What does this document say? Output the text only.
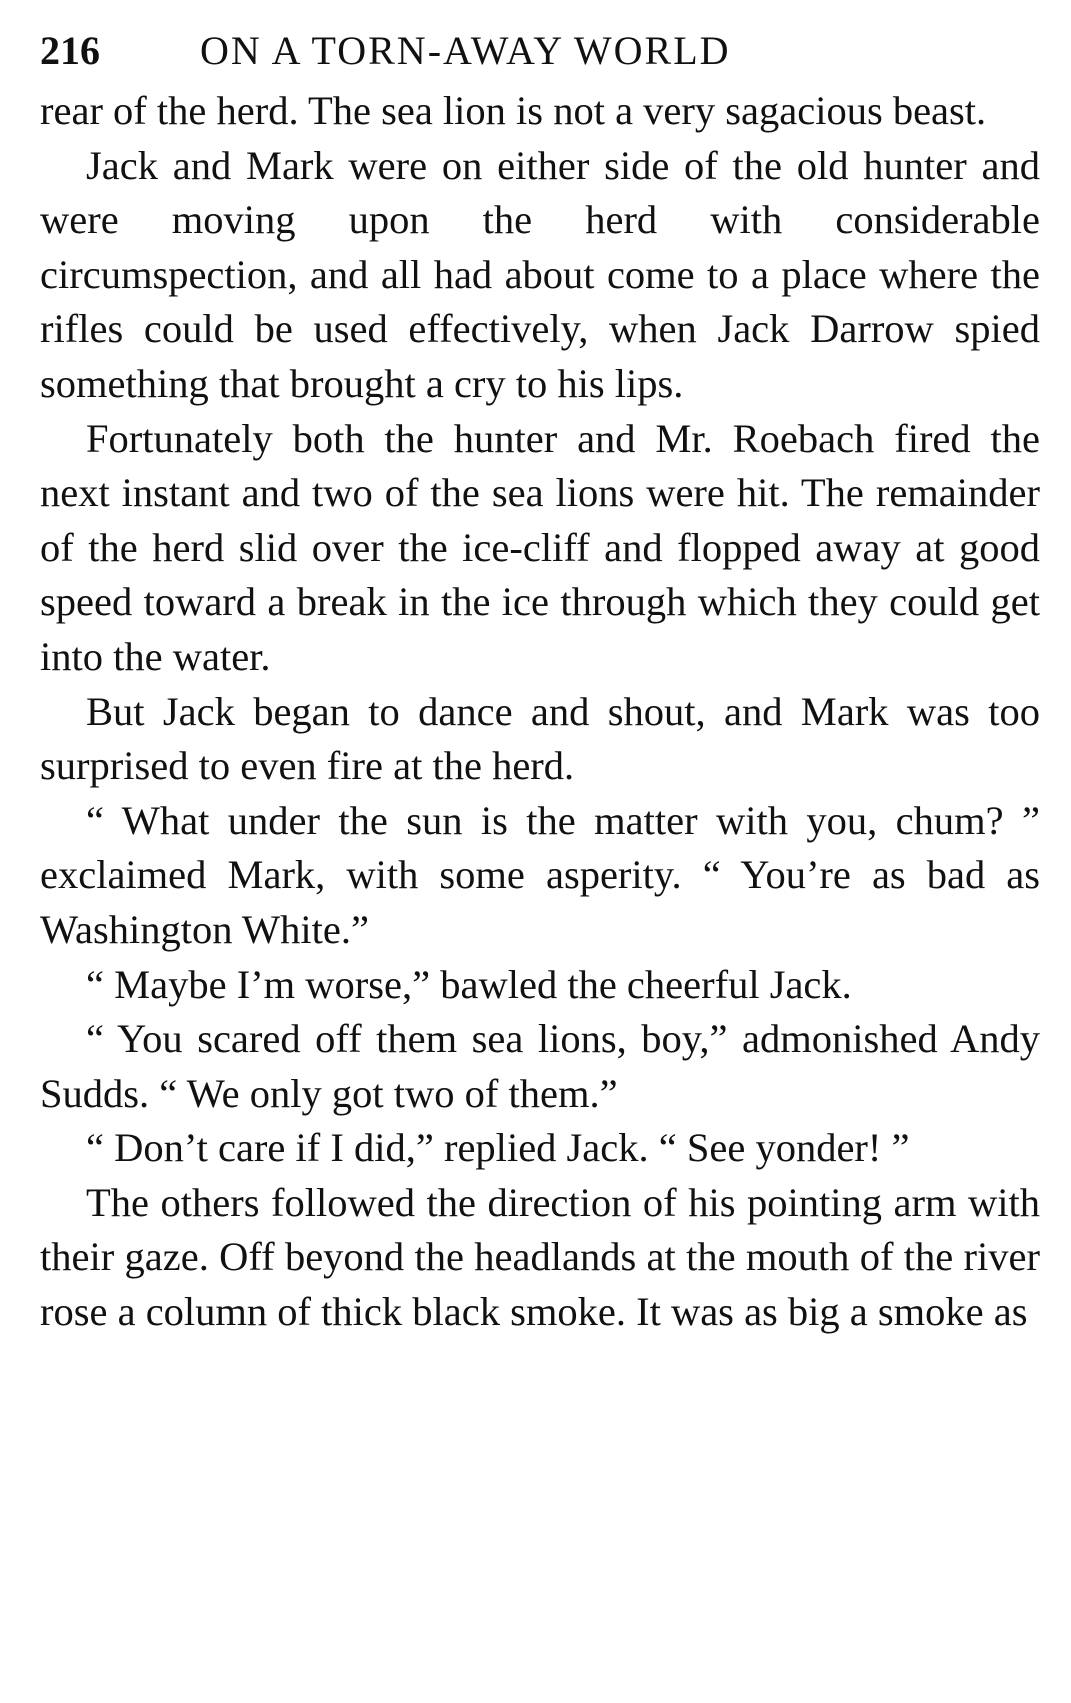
216	ON A TORN-AWAY WORLD

rear of the herd. The sea lion is not a very sagacious beast.

Jack and Mark were on either side of the old hunter and were moving upon the herd with considerable circumspection, and all had about come to a place where the rifles could be used effectively, when Jack Darrow spied something that brought a cry to his lips.

Fortunately both the hunter and Mr. Roebach fired the next instant and two of the sea lions were hit. The remainder of the herd slid over the ice-cliff and flopped away at good speed toward a break in the ice through which they could get into the water.

But Jack began to dance and shout, and Mark was too surprised to even fire at the herd.

“ What under the sun is the matter with you, chum? ” exclaimed Mark, with some asperity. “ You’re as bad as Washington White.”

“ Maybe I’m worse,” bawled the cheerful Jack.

“ You scared off them sea lions, boy,” admonished Andy Sudds. “ We only got two of them.”

“ Don’t care if I did,” replied Jack. “ See yonder! ”

The others followed the direction of his pointing arm with their gaze. Off beyond the headlands at the mouth of the river rose a column of thick black smoke. It was as big a smoke as
